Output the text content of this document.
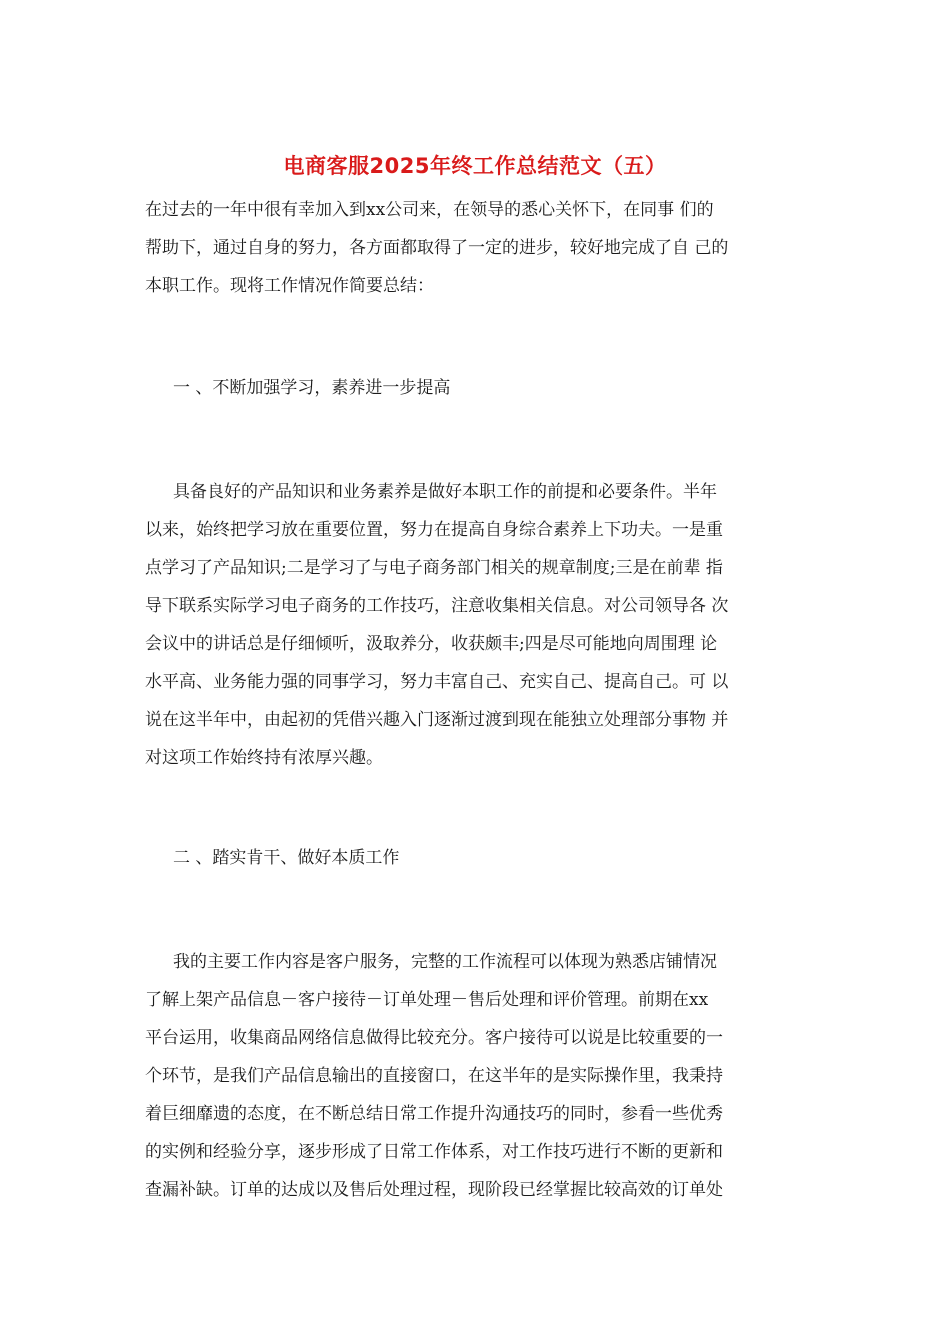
电商客服2025年终工作总结范文（五）
在过去的一年中很有幸加入到xx公司来，在领导的悉心关怀下，在同事 们的
帮助下，通过自身的努力，各方面都取得了一定的进步，较好地完成了自 己的
本职工作。现将工作情况作简要总结：
一 、不断加强学习，素养进一步提高
具备良好的产品知识和业务素养是做好本职工作的前提和必要条件。半年
以来，始终把学习放在重要位置，努力在提高自身综合素养上下功夫。一是重
点学习了产品知识;二是学习了与电子商务部门相关的规章制度;三是在前辈 指
导下联系实际学习电子商务的工作技巧，注意收集相关信息。对公司领导各 次
会议中的讲话总是仔细倾听，汲取养分，收获颇丰;四是尽可能地向周围理 论
水平高、业务能力强的同事学习，努力丰富自己、充实自己、提高自己。可 以
说在这半年中，由起初的凭借兴趣入门逐渐过渡到现在能独立处理部分事物 并
对这项工作始终持有浓厚兴趣。
二 、踏实肯干、做好本质工作
我的主要工作内容是客户服务，完整的工作流程可以体现为熟悉店铺情况
了解上架产品信息－客户接待－订单处理－售后处理和评价管理。前期在xx
平台运用，收集商品网络信息做得比较充分。客户接待可以说是比较重要的一
个环节，是我们产品信息输出的直接窗口，在这半年的是实际操作里，我秉持
着巨细靡遗的态度，在不断总结日常工作提升沟通技巧的同时，参看一些优秀
的实例和经验分享，逐步形成了日常工作体系，对工作技巧进行不断的更新和
查漏补缺。订单的达成以及售后处理过程，现阶段已经掌握比较高效的订单处
